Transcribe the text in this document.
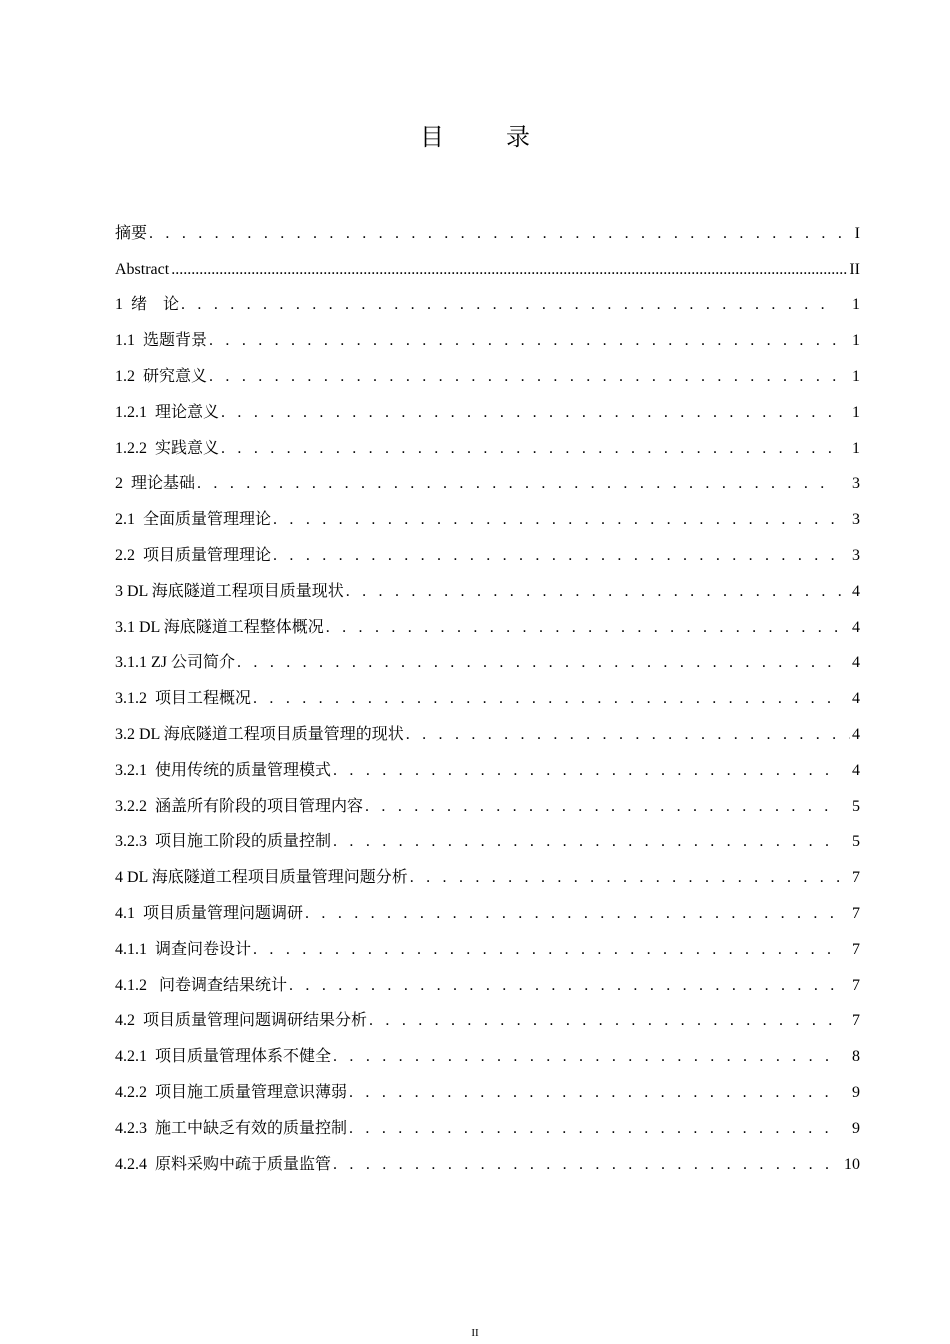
目 录
摘要 . . .	I
Abstract .....	II
1  绪    论 . . .	1
1.1  选题背景 . . .	1
1.2  研究意义 . . .	1
1.2.1  理论意义 . . .	1
1.2.2  实践意义 . . .	1
2  理论基础 . . .	3
2.1  全面质量管理理论 . . .	3
2.2  项目质量管理理论 . . .	3
3 DL 海底隧道工程项目质量现状 . . .	4
3.1 DL 海底隧道工程整体概况 . . .	4
3.1.1 ZJ 公司简介 . . .	4
3.1.2  项目工程概况 . . .	4
3.2 DL 海底隧道工程项目质量管理的现状 . . .	4
3.2.1  使用传统的质量管理模式 . . .	4
3.2.2  涵盖所有阶段的项目管理内容 . . .	5
3.2.3  项目施工阶段的质量控制 . . .	5
4 DL 海底隧道工程项目质量管理问题分析 . . .	7
4.1  项目质量管理问题调研 . . .	7
4.1.1  调查问卷设计 . . .	7
4.1.2   问卷调查结果统计 . . .	7
4.2  项目质量管理问题调研结果分析 . . .	7
4.2.1  项目质量管理体系不健全 . . .	8
4.2.2  项目施工质量管理意识薄弱 . . .	9
4.2.3  施工中缺乏有效的质量控制 . . .	9
4.2.4  原料采购中疏于质量监管 . . .	10
II
